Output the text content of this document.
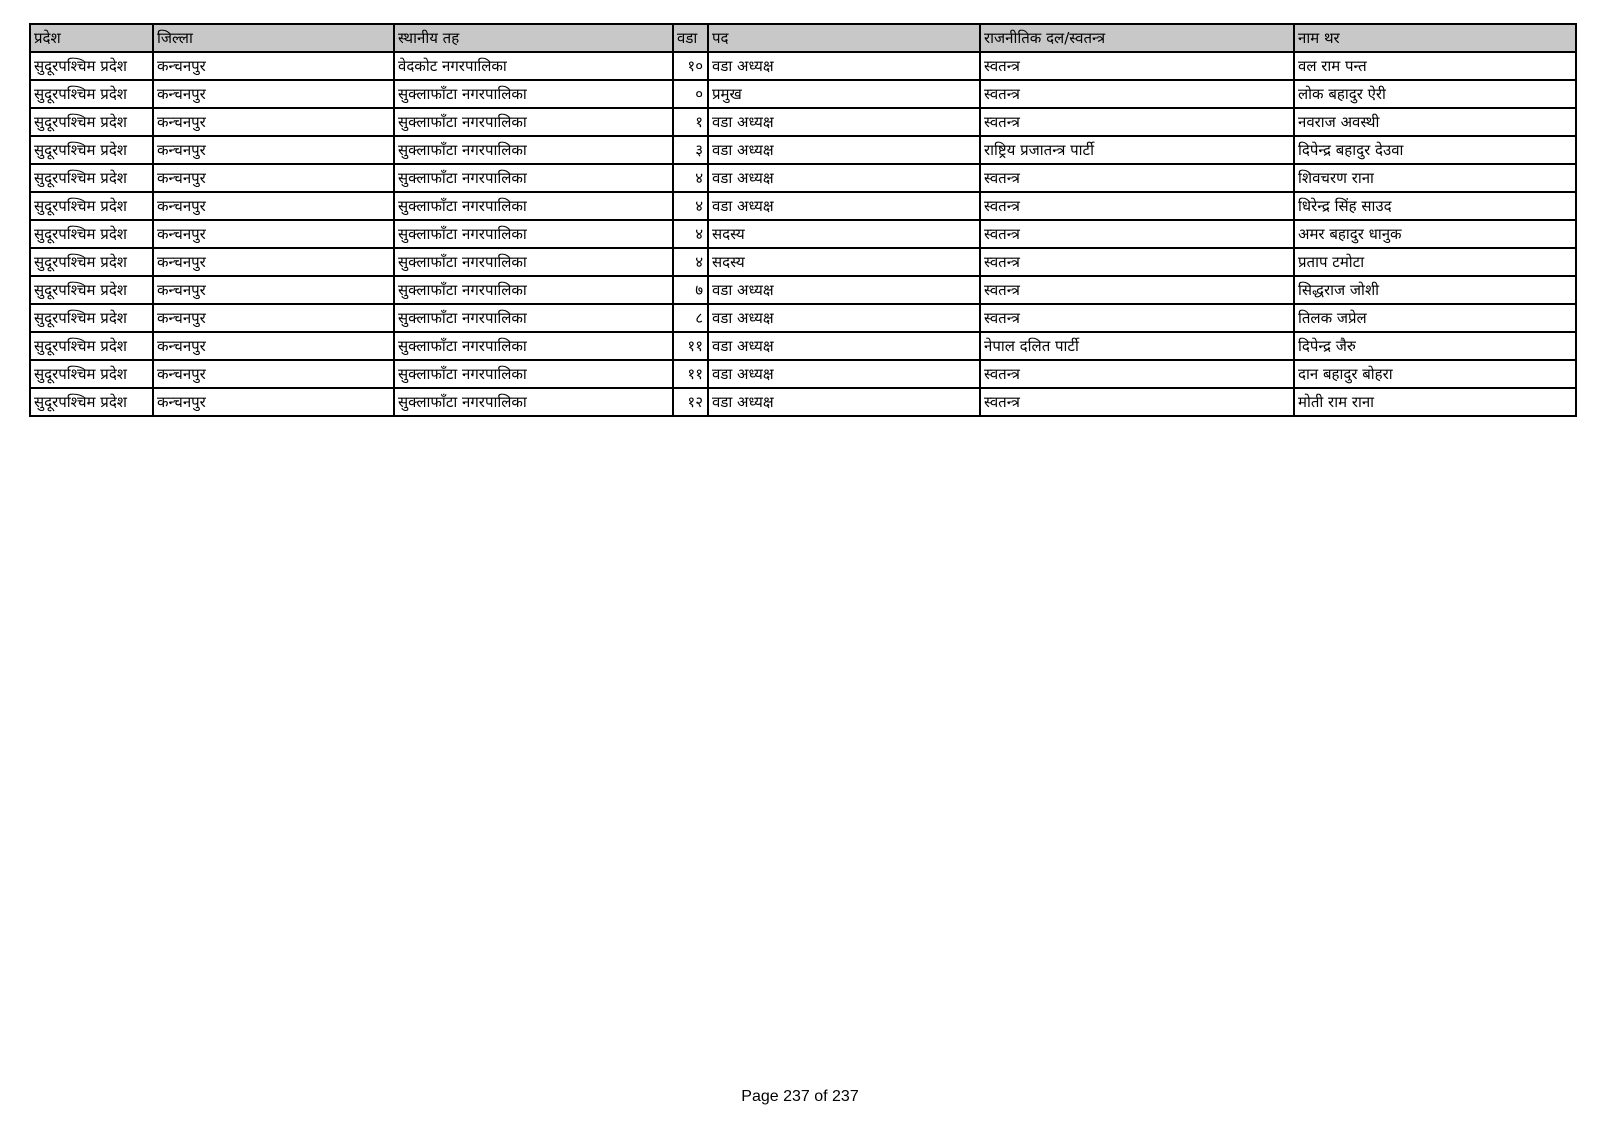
प्रदेश	जिल्ला	स्थानीय तह	वडा	पद	राजनीतिक दल/स्वतन्त्र	नाम थर
सुदूरपश्चिम प्रदेश	कन्चनपुर	वेदकोट नगरपालिका	१०	वडा अध्यक्ष	स्वतन्त्र	वल राम पन्त
सुदूरपश्चिम प्रदेश	कन्चनपुर	सुक्लाफाँटा नगरपालिका	०	प्रमुख	स्वतन्त्र	लोक बहादुर ऐरी
सुदूरपश्चिम प्रदेश	कन्चनपुर	सुक्लाफाँटा नगरपालिका	१	वडा अध्यक्ष	स्वतन्त्र	नवराज अवस्थी
सुदूरपश्चिम प्रदेश	कन्चनपुर	सुक्लाफाँटा नगरपालिका	३	वडा अध्यक्ष	राष्ट्रिय प्रजातन्त्र पार्टी	दिपेन्द्र बहादुर देउवा
सुदूरपश्चिम प्रदेश	कन्चनपुर	सुक्लाफाँटा नगरपालिका	४	वडा अध्यक्ष	स्वतन्त्र	शिवचरण राना
सुदूरपश्चिम प्रदेश	कन्चनपुर	सुक्लाफाँटा नगरपालिका	४	वडा अध्यक्ष	स्वतन्त्र	धिरेन्द्र सिंह साउद
सुदूरपश्चिम प्रदेश	कन्चनपुर	सुक्लाफाँटा नगरपालिका	४	सदस्य	स्वतन्त्र	अमर बहादुर धानुक
सुदूरपश्चिम प्रदेश	कन्चनपुर	सुक्लाफाँटा नगरपालिका	४	सदस्य	स्वतन्त्र	प्रताप टमोटा
सुदूरपश्चिम प्रदेश	कन्चनपुर	सुक्लाफाँटा नगरपालिका	७	वडा अध्यक्ष	स्वतन्त्र	सिद्धराज जोशी
सुदूरपश्चिम प्रदेश	कन्चनपुर	सुक्लाफाँटा नगरपालिका	८	वडा अध्यक्ष	स्वतन्त्र	तिलक जप्रेल
सुदूरपश्चिम प्रदेश	कन्चनपुर	सुक्लाफाँटा नगरपालिका	११	वडा अध्यक्ष	नेपाल दलित पार्टी	दिपेन्द्र जैरु
सुदूरपश्चिम प्रदेश	कन्चनपुर	सुक्लाफाँटा नगरपालिका	११	वडा अध्यक्ष	स्वतन्त्र	दान बहादुर बोहरा
सुदूरपश्चिम प्रदेश	कन्चनपुर	सुक्लाफाँटा नगरपालिका	१२	वडा अध्यक्ष	स्वतन्त्र	मोती राम राना
Page 237 of 237
